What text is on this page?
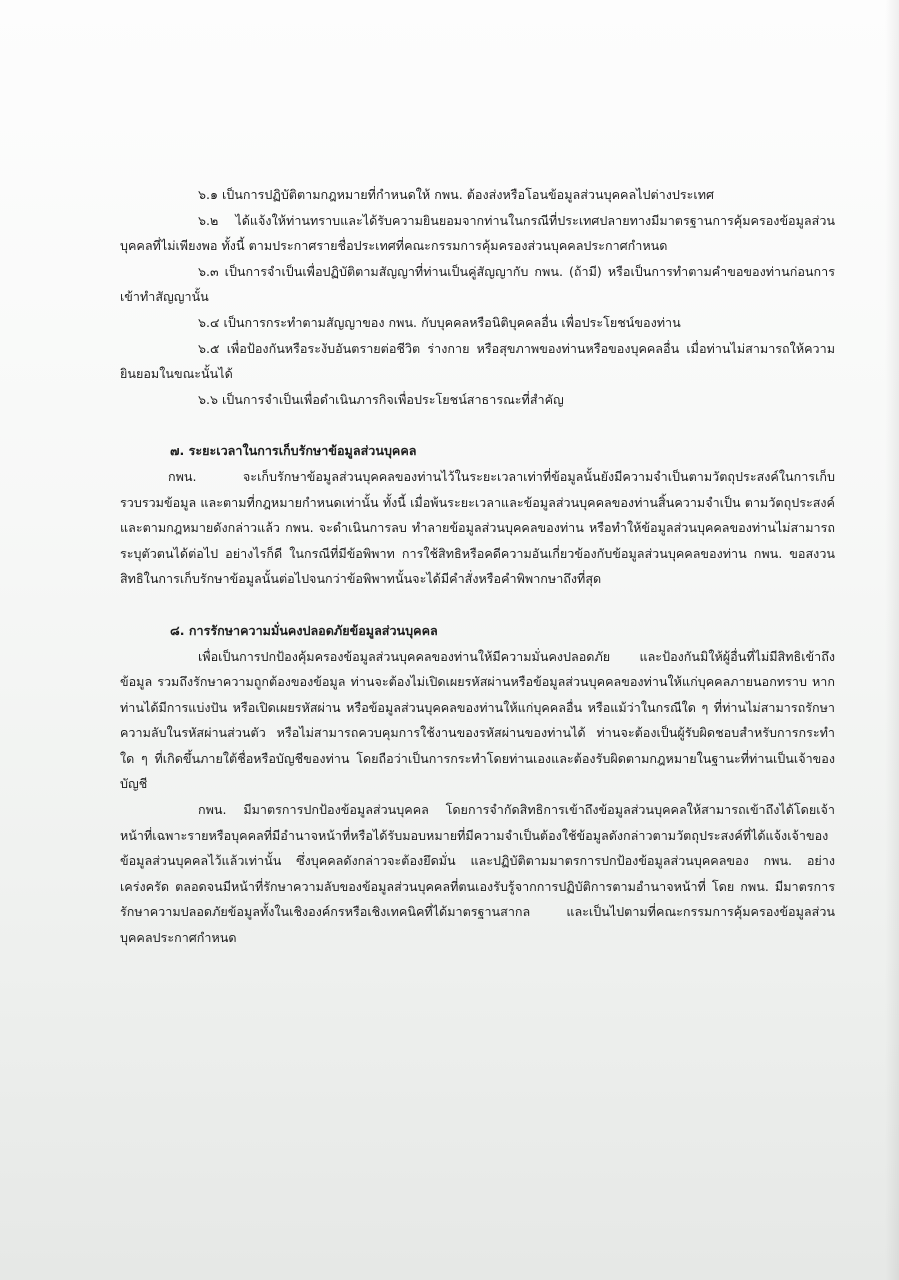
๖.๑ เป็นการปฏิบัติตามกฎหมายที่กำหนดให้ กพน. ต้องส่งหรือโอนข้อมูลส่วนบุคคลไปต่างประเทศ

๖.๒ ได้แจ้งให้ท่านทราบและได้รับความยินยอมจากท่านในกรณีที่ประเทศปลายทางมีมาตรฐานการคุ้มครองข้อมูลส่วนบุคคลที่ไม่เพียงพอ ทั้งนี้ ตามประกาศรายชื่อประเทศที่คณะกรรมการคุ้มครองส่วนบุคคลประกาศกำหนด

๖.๓ เป็นการจำเป็นเพื่อปฏิบัติตามสัญญาที่ท่านเป็นคู่สัญญากับ กพน. (ถ้ามี) หรือเป็นการทำตามคำขอของท่านก่อนการเข้าทำสัญญานั้น

๖.๔ เป็นการกระทำตามสัญญาของ กพน. กับบุคคลหรือนิติบุคคลอื่น เพื่อประโยชน์ของท่าน

๖.๕ เพื่อป้องกันหรือระงับอันตรายต่อชีวิต ร่างกาย หรือสุขภาพของท่านหรือของบุคคลอื่น เมื่อท่านไม่สามารถให้ความยินยอมในขณะนั้นได้

๖.๖ เป็นการจำเป็นเพื่อดำเนินภารกิจเพื่อประโยชน์สาธารณะที่สำคัญ

๗. ระยะเวลาในการเก็บรักษาข้อมูลส่วนบุคคล

กพน. จะเก็บรักษาข้อมูลส่วนบุคคลของท่านไว้ในระยะเวลาเท่าที่ข้อมูลนั้นยังมีความจำเป็นตามวัตถุประสงค์ในการเก็บรวบรวมข้อมูล และตามที่กฎหมายกำหนดเท่านั้น ทั้งนี้ เมื่อพ้นระยะเวลาและข้อมูลส่วนบุคคลของท่านสิ้นความจำเป็น ตามวัตถุประสงค์และตามกฎหมายดังกล่าวแล้ว กพน. จะดำเนินการลบ ทำลายข้อมูลส่วนบุคคลของท่าน หรือทำให้ข้อมูลส่วนบุคคลของท่านไม่สามารถระบุตัวตนได้ต่อไป อย่างไรก็ดี ในกรณีที่มีข้อพิพาท การใช้สิทธิหรือคดีความอันเกี่ยวข้องกับข้อมูลส่วนบุคคลของท่าน กพน. ขอสงวนสิทธิในการเก็บรักษาข้อมูลนั้นต่อไปจนกว่าข้อพิพาทนั้นจะได้มีคำสั่งหรือคำพิพากษาถึงที่สุด

๘. การรักษาความมั่นคงปลอดภัยข้อมูลส่วนบุคคล

เพื่อเป็นการปกป้องคุ้มครองข้อมูลส่วนบุคคลของท่านให้มีความมั่นคงปลอดภัย และป้องกันมิให้ผู้อื่นที่ไม่มีสิทธิเข้าถึงข้อมูล รวมถึงรักษาความถูกต้องของข้อมูล ท่านจะต้องไม่เปิดเผยรหัสผ่านหรือข้อมูลส่วนบุคคลของท่านให้แก่บุคคลภายนอกทราบ หากท่านได้มีการแบ่งปัน หรือเปิดเผยรหัสผ่าน หรือข้อมูลส่วนบุคคลของท่านให้แก่บุคคลอื่น หรือแม้ว่าในกรณีใด ๆ ที่ท่านไม่สามารถรักษาความลับในรหัสผ่านส่วนตัว หรือไม่สามารถควบคุมการใช้งานของรหัสผ่านของท่านได้ ท่านจะต้องเป็นผู้รับผิดชอบสำหรับการกระทำใด ๆ ที่เกิดขึ้นภายใต้ชื่อหรือบัญชีของท่าน โดยถือว่าเป็นการกระทำโดยท่านเองและต้องรับผิดตามกฎหมายในฐานะที่ท่านเป็นเจ้าของบัญชี

กพน. มีมาตรการปกป้องข้อมูลส่วนบุคคล โดยการจำกัดสิทธิการเข้าถึงข้อมูลส่วนบุคคลให้สามารถเข้าถึงได้โดยเจ้าหน้าที่เฉพาะรายหรือบุคคลที่มีอำนาจหน้าที่หรือได้รับมอบหมายที่มีความจำเป็นต้องใช้ข้อมูลดังกล่าวตามวัตถุประสงค์ที่ได้แจ้งเจ้าของข้อมูลส่วนบุคคลไว้แล้วเท่านั้น ซึ่งบุคคลดังกล่าวจะต้องยึดมั่น และปฏิบัติตามมาตรการปกป้องข้อมูลส่วนบุคคลของ กพน. อย่างเคร่งครัด ตลอดจนมีหน้าที่รักษาความลับของข้อมูลส่วนบุคคลที่ตนเองรับรู้จากการปฏิบัติการตามอำนาจหน้าที่ โดย กพน. มีมาตรการรักษาความปลอดภัยข้อมูลทั้งในเชิงองค์กรหรือเชิงเทคนิคที่ได้มาตรฐานสากล และเป็นไปตามที่คณะกรรมการคุ้มครองข้อมูลส่วนบุคคลประกาศกำหนด
